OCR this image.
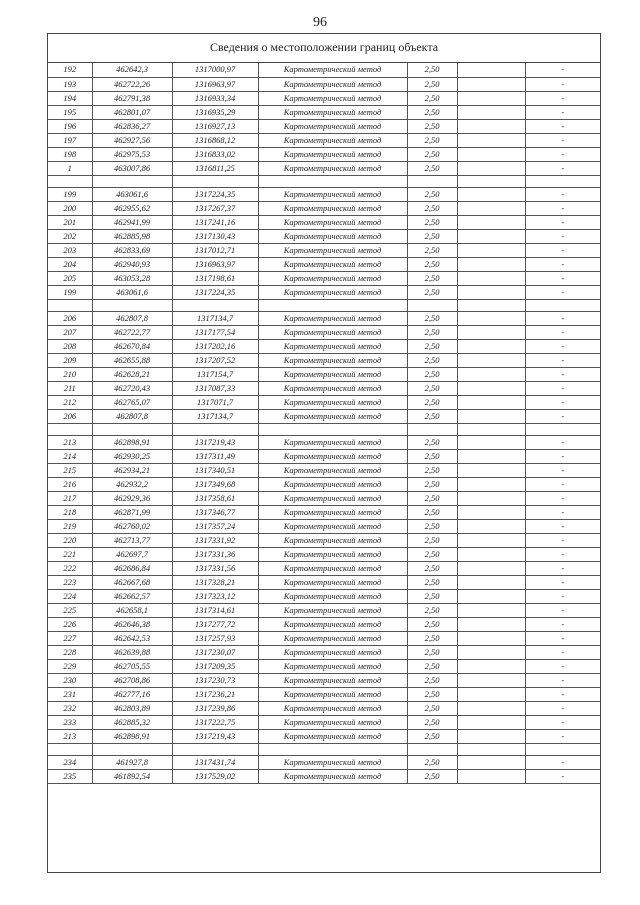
96
Сведения о местоположении границ объекта
192	462642,3	1317000,97	Картометрический метод	2,50		-
193	462722,26	1316963,97	Картометрический метод	2,50		-
194	462791,38	1316933,34	Картометрический метод	2,50		-
195	462801,07	1316935,29	Картометрический метод	2,50		-
196	462836,27	1316927,13	Картометрический метод	2,50		-
197	462927,56	1316868,12	Картометрический метод	2,50		-
198	462975,53	1316833,02	Картометрический метод	2,50		-
1	463007,86	1316811,25	Картометрический метод	2,50		-

199	463061,6	1317224,35	Картометрический метод	2,50		-
200	462955,62	1317267,37	Картометрический метод	2,50		-
201	462941,99	1317241,16	Картометрический метод	2,50		-
202	462885,98	1317130,43	Картометрический метод	2,50		-
203	462833,69	1317012,71	Картометрический метод	2,50		-
204	462940,93	1316963,97	Картометрический метод	2,50		-
205	463053,28	1317198,61	Картометрический метод	2,50		-
199	463061,6	1317224,35	Картометрический метод	2,50		-

206	462807,8	1317134,7	Картометрический метод	2,50		-
207	462722,77	1317177,54	Картометрический метод	2,50		-
208	462670,84	1317202,16	Картометрический метод	2,50		-
209	462655,88	1317207,52	Картометрический метод	2,50		-
210	462628,21	1317154,7	Картометрический метод	2,50		-
211	462720,43	1317087,33	Картометрический метод	2,50		-
212	462765,07	1317071,7	Картометрический метод	2,50		-
206	462807,8	1317134,7	Картометрический метод	2,50		-

213	462898,91	1317219,43	Картометрический метод	2,50		-
214	462930,25	1317311,49	Картометрический метод	2,50		-
215	462934,21	1317340,51	Картометрический метод	2,50		-
216	462932,2	1317349,68	Картометрический метод	2,50		-
217	462929,36	1317358,61	Картометрический метод	2,50		-
218	462871,99	1317346,77	Картометрический метод	2,50		-
219	462760,02	1317357,24	Картометрический метод	2,50		-
220	462713,77	1317331,92	Картометрический метод	2,50		-
221	462697,7	1317331,36	Картометрический метод	2,50		-
222	462686,84	1317331,56	Картометрический метод	2,50		-
223	462667,68	1317328,21	Картометрический метод	2,50		-
224	462662,57	1317323,12	Картометрический метод	2,50		-
225	462658,1	1317314,61	Картометрический метод	2,50		-
226	462646,38	1317277,72	Картометрический метод	2,50		-
227	462642,53	1317257,93	Картометрический метод	2,50		-
228	462639,88	1317230,07	Картометрический метод	2,50		-
229	462705,55	1317209,35	Картометрический метод	2,50		-
230	462708,86	1317230,73	Картометрический метод	2,50		-
231	462777,16	1317236,21	Картометрический метод	2,50		-
232	462803,89	1317239,86	Картометрический метод	2,50		-
233	462885,32	1317222,75	Картометрический метод	2,50		-
213	462898,91	1317219,43	Картометрический метод	2,50		-

234	461927,8	1317431,74	Картометрический метод	2,50		-
235	461892,54	1317529,02	Картометрический метод	2,50		-
